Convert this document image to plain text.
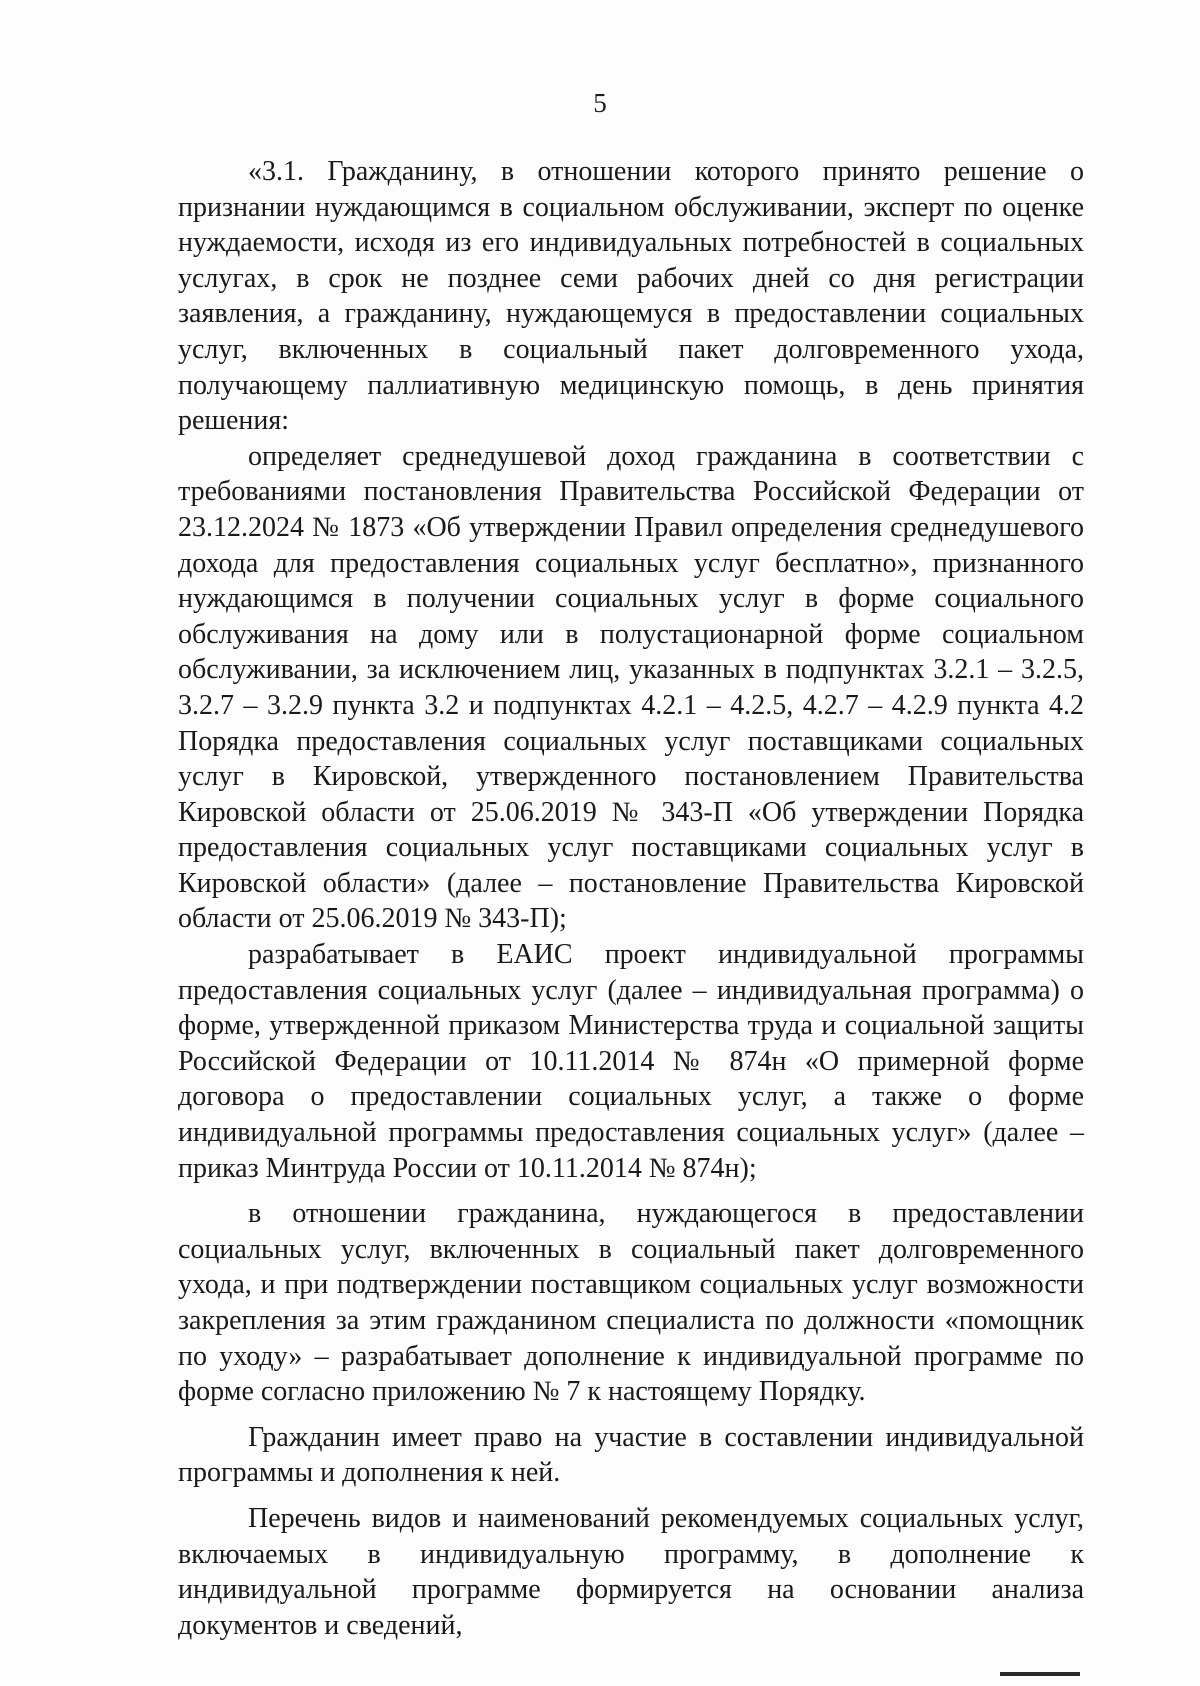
5

«3.1. Гражданину, в отношении которого принято решение о признании нуждающимся в социальном обслуживании, эксперт по оценке нуждаемости, исходя из его индивидуальных потребностей в социальных услугах, в срок не позднее семи рабочих дней со дня регистрации заявления, а гражданину, нуждающемуся в предоставлении социальных услуг, включенных в социальный пакет долговременного ухода, получающему паллиативную медицинскую помощь, в день принятия решения:

определяет среднедушевой доход гражданина в соответствии с требованиями постановления Правительства Российской Федерации от 23.12.2024 № 1873 «Об утверждении Правил определения среднедушевого дохода для предоставления социальных услуг бесплатно», признанного нуждающимся в получении социальных услуг в форме социального обслуживания на дому или в полустационарной форме социальном обслуживании, за исключением лиц, указанных в подпунктах 3.2.1 – 3.2.5, 3.2.7 – 3.2.9 пункта 3.2 и подпунктах 4.2.1 – 4.2.5, 4.2.7 – 4.2.9 пункта 4.2 Порядка предоставления социальных услуг поставщиками социальных услуг в Кировской, утвержденного постановлением Правительства Кировской области от 25.06.2019 № 343-П «Об утверждении Порядка предоставления социальных услуг поставщиками социальных услуг в Кировской области» (далее – постановление Правительства Кировской области от 25.06.2019 № 343-П);

разрабатывает в ЕАИС проект индивидуальной программы предоставления социальных услуг (далее – индивидуальная программа) о форме, утвержденной приказом Министерства труда и социальной защиты Российской Федерации от 10.11.2014 № 874н «О примерной форме договора о предоставлении социальных услуг, а также о форме индивидуальной программы предоставления социальных услуг» (далее – приказ Минтруда России от 10.11.2014 № 874н);

в отношении гражданина, нуждающегося в предоставлении социальных услуг, включенных в социальный пакет долговременного ухода, и при подтверждении поставщиком социальных услуг возможности закрепления за этим гражданином специалиста по должности «помощник по уходу» – разрабатывает дополнение к индивидуальной программе по форме согласно приложению № 7 к настоящему Порядку.

Гражданин имеет право на участие в составлении индивидуальной программы и дополнения к ней.

Перечень видов и наименований рекомендуемых социальных услуг, включаемых в индивидуальную программу, в дополнение к индивидуальной программе формируется на основании анализа документов и сведений,
